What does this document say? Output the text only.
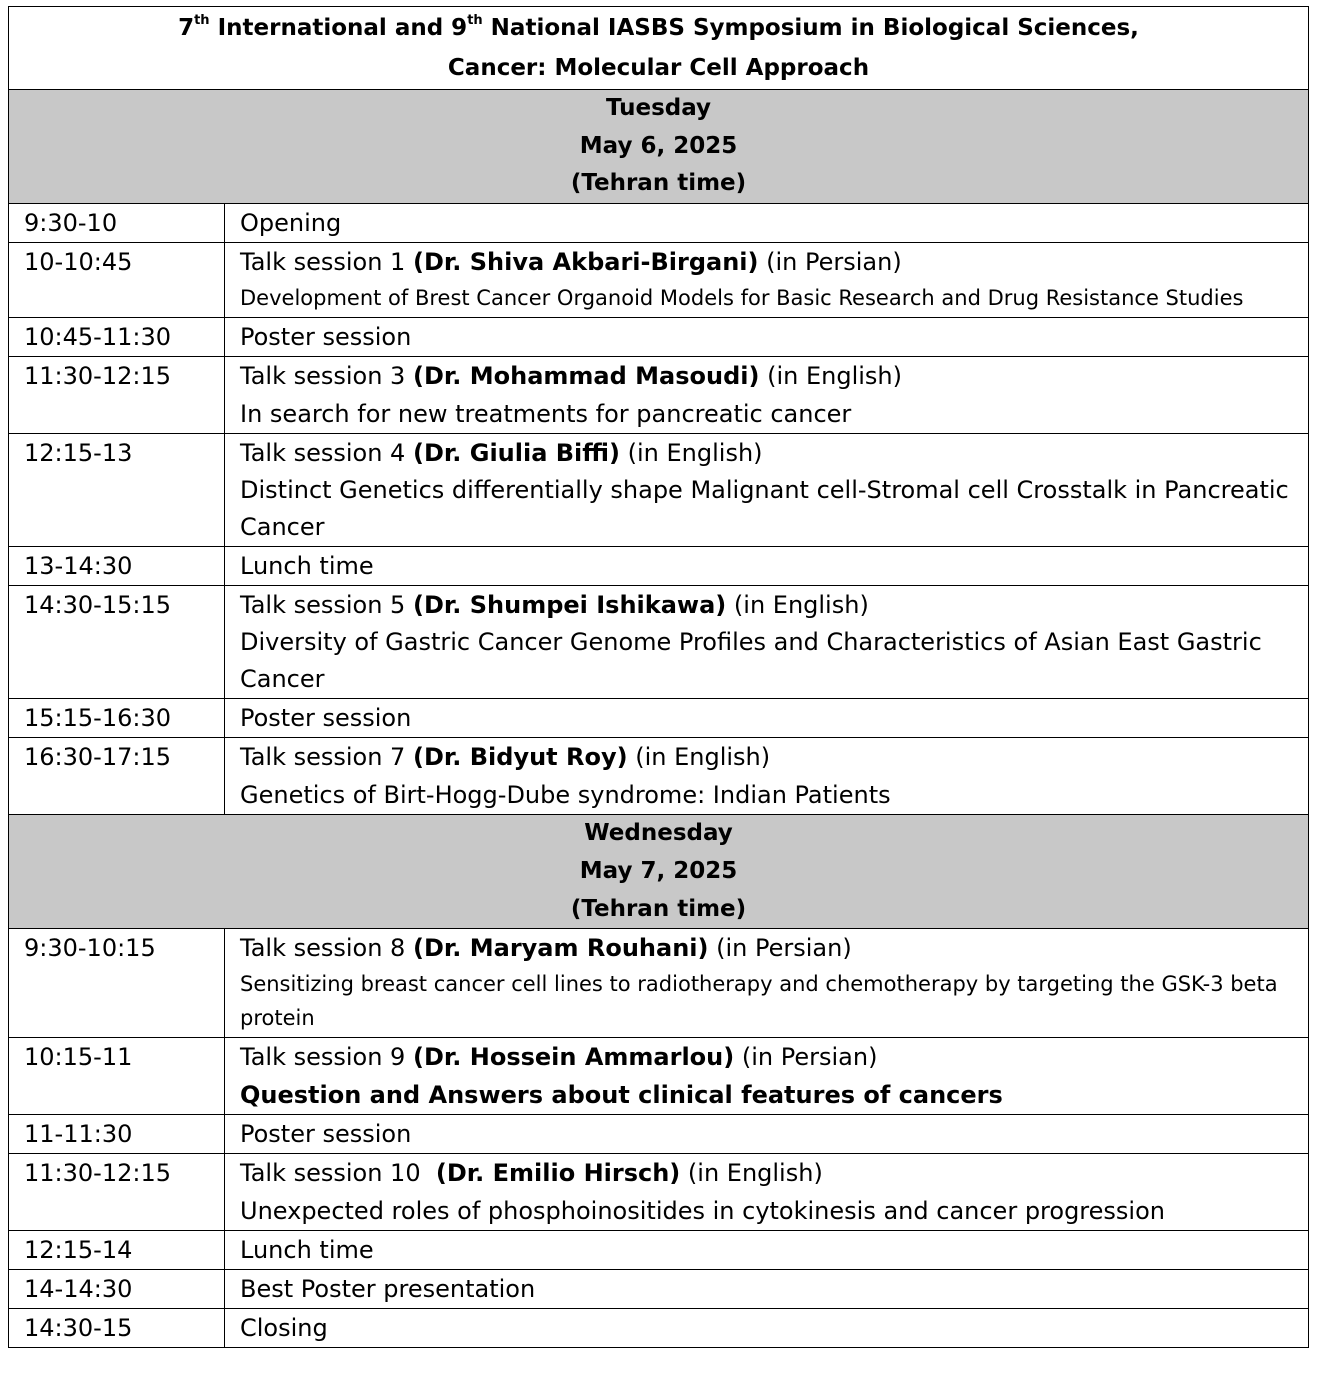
7th International and 9th National IASBS Symposium in Biological Sciences,
Cancer: Molecular Cell Approach	

Tuesday
May 6, 2025
(Tehran time)	

9:30-10	Opening

10-10:45	Talk session 1 (Dr. Shiva Akbari-Birgani) (in Persian)
Development of Brest Cancer Organoid Models for Basic Research and Drug Resistance Studies

10:45-11:30	Poster session

11:30-12:15	Talk session 3 (Dr. Mohammad Masoudi) (in English)
In search for new treatments for pancreatic cancer

12:15-13	Talk session 4 (Dr. Giulia Biffi) (in English)
Distinct Genetics differentially shape Malignant cell-Stromal cell Crosstalk in Pancreatic Cancer

13-14:30	Lunch time

14:30-15:15	Talk session 5 (Dr. Shumpei Ishikawa) (in English)
Diversity of Gastric Cancer Genome Profiles and Characteristics of Asian East Gastric Cancer

15:15-16:30	Poster session

16:30-17:15	Talk session 7 (Dr. Bidyut Roy) (in English)
Genetics of Birt-Hogg-Dube syndrome: Indian Patients

Wednesday
May 7, 2025
(Tehran time)	

9:30-10:15	Talk session 8 (Dr. Maryam Rouhani) (in Persian)
Sensitizing breast cancer cell lines to radiotherapy and chemotherapy by targeting the GSK-3 beta protein

10:15-11	Talk session 9 (Dr. Hossein Ammarlou) (in Persian)
Question and Answers about clinical features of cancers

11-11:30	Poster session

11:30-12:15	Talk session 10  (Dr. Emilio Hirsch) (in English)
Unexpected roles of phosphoinositides in cytokinesis and cancer progression

12:15-14	Lunch time

14-14:30	Best Poster presentation

14:30-15	Closing
